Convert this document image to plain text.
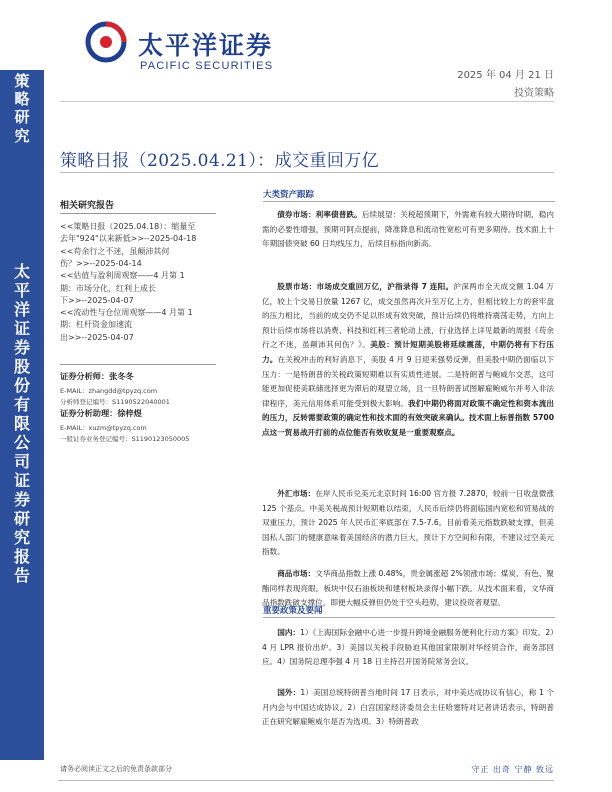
太平洋证券
PACIFIC SECURITIES
2025 年 04 月 21 日
投资策略
策
略
研
究
太
平
洋
证
券
股
份
有
限
公
司
证
券
研
究
报
告
策略日报（2025.04.21）：成交重回万亿
相关研究报告
<<策略日报（2025.04.18）：缩量至
去年"924"以来新低>>--2025-04-18
<<苟余行之不迷，虽颠沛其何
伤？>>--2025-04-14
<<估值与盈利周观察——4 月第 1
期：市场分化，红利上成长
下>>--2025-04-07
<<流动性与仓位周观察——4 月第 1
期：杠杆资金加速流
出>>--2025-04-07
证券分析师：张冬冬
E-MAIL：zhangdd@tpyzq.com
分析师登记编号：S1190522040001
证券分析助理：徐梓煜
E-MAIL：xuzm@tpyzq.com
一般证券业务登记编号：S1190123050005
大类资产跟踪
债券市场：利率债普跌。后续展望：关税超预期下，外需难有较大期待时期，稳内需的必要性增强，预期可阿点提前，降准降息和流动性宽松可有更多期待。技术面上十年期国债突破 60 日均线压力，后续目标指向新高。
股票市场：市场成交重回万亿，沪指录得 7 连阳。沪深两市全天成交额 1.04 万亿，较上个交易日放量 1267 亿，成交虽然再次升至万亿上方，但相比较上方的套牢盘的压力相比，当前的成交仍不足以形成有效突破，预计后续仍将维持震荡走势，方向上预计后续市场将以消费、科技和红利三者轮动上涨，行业选择上详见最新的周报《苟余行之不迷，虽颠沛其何伤？》。美股：预计短期美股将延续震荡，中期仍将有下行压力。在关税冲击的利好消息下，美股 4 月 9 日迎来强势反弹，但美股中期仍面临以下压力：一是特朗普的关税政策短期难以有实质性进展。二是特朗普与鲍威尔交恶，这可能更加促使美联储选择更为滞后的观望立场，且一旦特朗普试图解雇鲍威尔并考入非法律程序，美元信用体系可能受到极大影响。我们中期仍将面对政策不确定性和资本流出的压力，反转需要政策的确定性和技术面的有效突破来确认。技术面上标普指数 5700 点这一贸易战开打前的点位能否有效收复是一重要观察点。
外汇市场：在岸人民币兑美元北京时间 16:00 官方报 7.2870，较前一日收盘微涨 125 个基点。中美关税战预计短期难以结束，人民币后续仍将面临国内宽松和贸易战的双重压力，预计 2025 年人民币汇率底部在 7.5-7.6。目前看美元指数跌破支撑，但美国私人部门的健康意味着美国经济的潜力巨大，预计下方空间和有限，不建议过空美元指数。
商品市场：文华商品指数上涨 0.48%，贵金属涨超 2%领涨市场；煤炭、有色、聚酯同样表现亮眼。板块中仅石油板块和建材板块录得小幅下跌。从技术面来看，文华商品指数跌破支撑位，即便大幅反弹但仍处于空头趋势，建议投资者观望。
重要政策及要闻
国内：1）《上海国际金融中心进一步提升跨境金融服务便利化行动方案》印发。2）4 月 LPR 报价出炉。3）美国以关税手段胁迫其他国家限制对华经贸合作，商务部回应。4）国务院总理李强 4 月 18 日主持召开国务院常务会议。
国外：1）美国总统特朗普当地时间 17 日表示，对中美达成协议有信心，称 1 个月内会与中国达成协议。2）白宫国家经济委员会主任哈塞特对记者讲话表示，特朗普正在研究解雇鲍威尔是否为选项。3）特朗普政
请务必阅读正文之后的免责条款部分	守正 出奇 宁静 致远
